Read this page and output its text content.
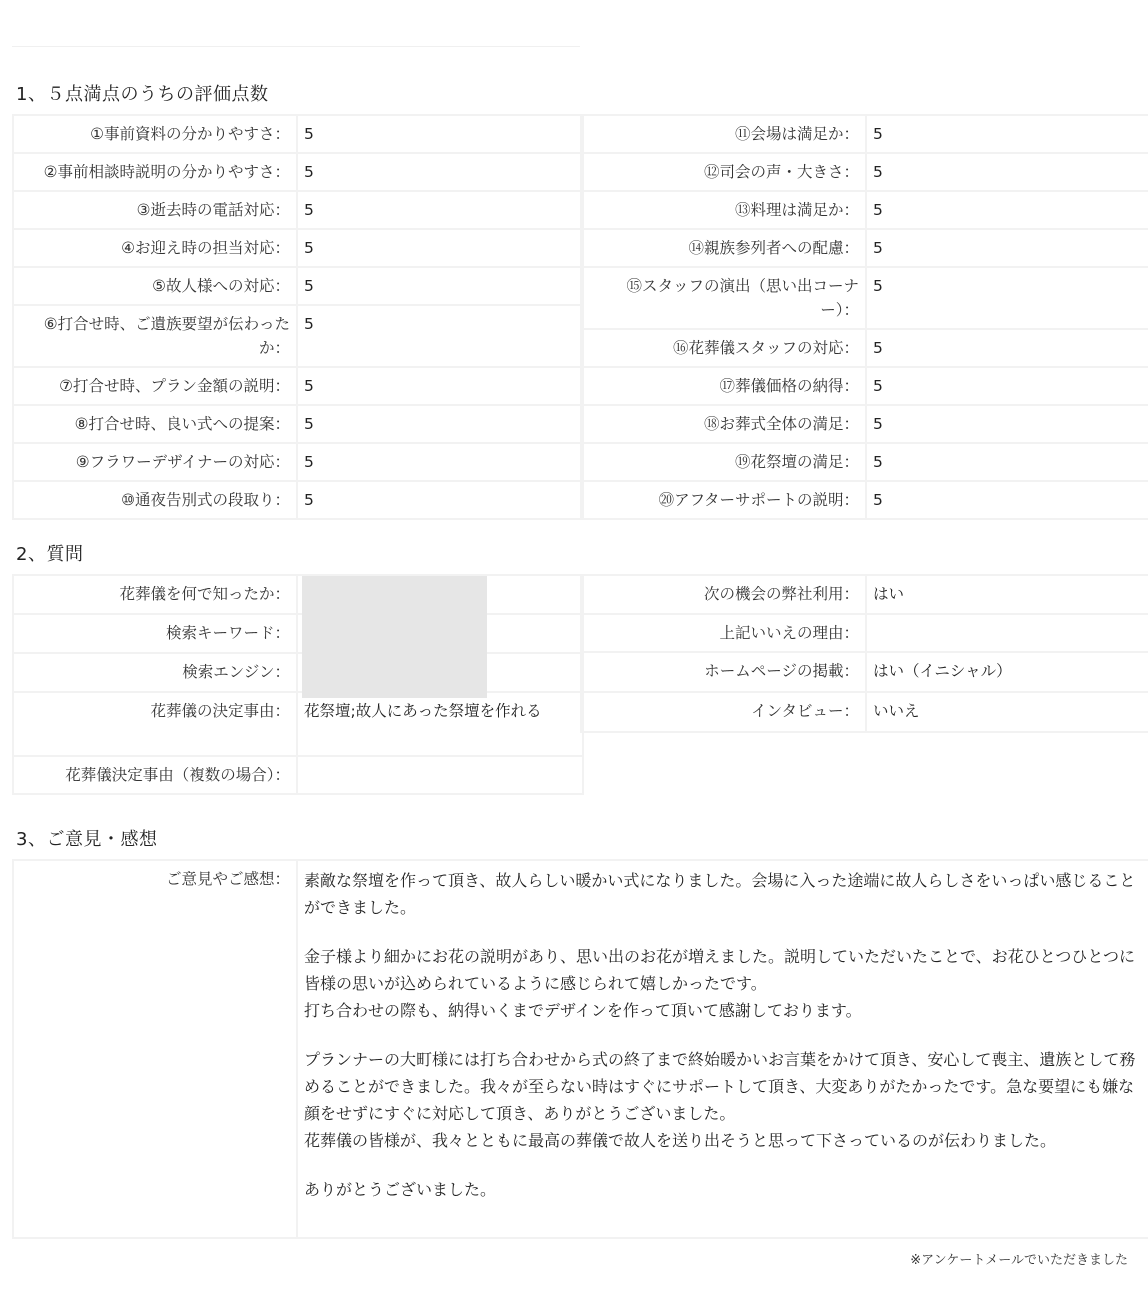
1、５点満点のうちの評価点数
①事前資料の分かりやすさ：	5
②事前相談時説明の分かりやすさ：	5
③逝去時の電話対応：	5
④お迎え時の担当対応：	5
⑤故人様への対応：	5
⑥打合せ時、ご遺族要望が伝わったか：	5
⑦打合せ時、プラン金額の説明：	5
⑧打合せ時、良い式への提案：	5
⑨フラワーデザイナーの対応：	5
⑩通夜告別式の段取り：	5
⑪会場は満足か：	5
⑫司会の声・大きさ：	5
⑬料理は満足か：	5
⑭親族参列者への配慮：	5
⑮スタッフの演出（思い出コーナー）：	5
⑯花葬儀スタッフの対応：	5
⑰葬儀価格の納得：	5
⑱お葬式全体の満足：	5
⑲花祭壇の満足：	5
⑳アフターサポートの説明：	5
2、質問
花葬儀を何で知ったか：	
検索キーワード：	
検索エンジン：	
花葬儀の決定事由：	花祭壇;故人にあった祭壇を作れる
花葬儀決定事由（複数の場合）：	
次の機会の弊社利用：	はい
上記いいえの理由：	
ホームページの掲載：	はい（イニシャル）
インタビュー：	いいえ
3、ご意見・感想
ご意見やご感想：	素敵な祭壇を作って頂き、故人らしい暖かい式になりました。会場に入った途端に故人らしさをいっぱい感じることができました。

金子様より細かにお花の説明があり、思い出のお花が増えました。説明していただいたことで、お花ひとつひとつに皆様の思いが込められているように感じられて嬉しかったです。
打ち合わせの際も、納得いくまでデザインを作って頂いて感謝しております。

プランナーの大町様には打ち合わせから式の終了まで終始暖かいお言葉をかけて頂き、安心して喪主、遺族として務めることができました。我々が至らない時はすぐにサポートして頂き、大変ありがたかったです。急な要望にも嫌な顔をせずにすぐに対応して頂き、ありがとうございました。
花葬儀の皆様が、我々とともに最高の葬儀で故人を送り出そうと思って下さっているのが伝わりました。

ありがとうございました。

※アンケートメールでいただきました
